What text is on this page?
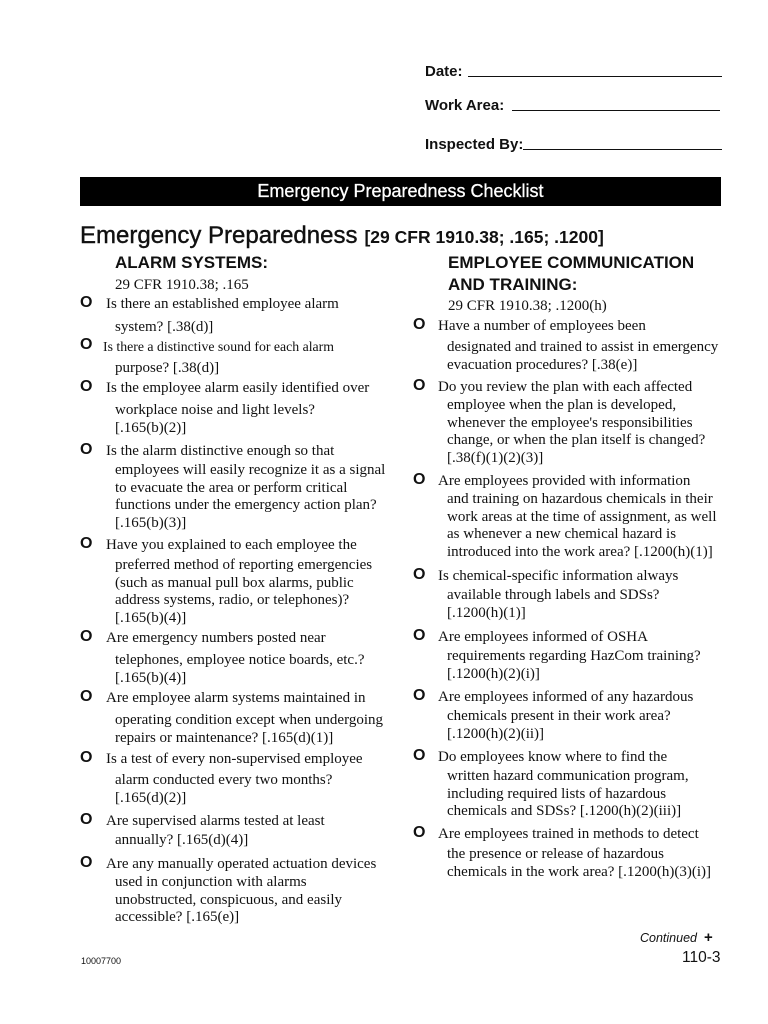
Date:
Work Area:
Inspected By:
Emergency Preparedness Checklist
Emergency Preparedness [29 CFR 1910.38; .165; .1200]
ALARM SYSTEMS:
29 CFR 1910.38; .165
O Is there an established employee alarm
system? [.38(d)]
O Is there a distinctive sound for each alarm
purpose? [.38(d)]
O Is the employee alarm easily identified over
workplace noise and light levels?
[.165(b)(2)]
O Is the alarm distinctive enough so that
employees will easily recognize it as a signal
to evacuate the area or perform critical
functions under the emergency action plan?
[.165(b)(3)]
O Have you explained to each employee the
preferred method of reporting emergencies
(such as manual pull box alarms, public
address systems, radio, or telephones)?
[.165(b)(4)]
O Are emergency numbers posted near
telephones, employee notice boards, etc.?
[.165(b)(4)]
O Are employee alarm systems maintained in
operating condition except when undergoing
repairs or maintenance? [.165(d)(1)]
O Is a test of every non-supervised employee
alarm conducted every two months?
[.165(d)(2)]
O Are supervised alarms tested at least
annually? [.165(d)(4)]
O Are any manually operated actuation devices
used in conjunction with alarms
unobstructed, conspicuous, and easily
accessible? [.165(e)]
EMPLOYEE COMMUNICATION
AND TRAINING:
29 CFR 1910.38; .1200(h)
O Have a number of employees been
designated and trained to assist in emergency
evacuation procedures? [.38(e)]
O Do you review the plan with each affected
employee when the plan is developed,
whenever the employee's responsibilities
change, or when the plan itself is changed?
[.38(f)(1)(2)(3)]
O Are employees provided with information
and training on hazardous chemicals in their
work areas at the time of assignment, as well
as whenever a new chemical hazard is
introduced into the work area? [.1200(h)(1)]
O Is chemical-specific information always
available through labels and SDSs?
[.1200(h)(1)]
O Are employees informed of OSHA
requirements regarding HazCom training?
[.1200(h)(2)(i)]
O Are employees informed of any hazardous
chemicals present in their work area?
[.1200(h)(2)(ii)]
O Do employees know where to find the
written hazard communication program,
including required lists of hazardous
chemicals and SDSs? [.1200(h)(2)(iii)]
O Are employees trained in methods to detect
the presence or release of hazardous
chemicals in the work area? [.1200(h)(3)(i)]
Continued +
10007700	110-3
